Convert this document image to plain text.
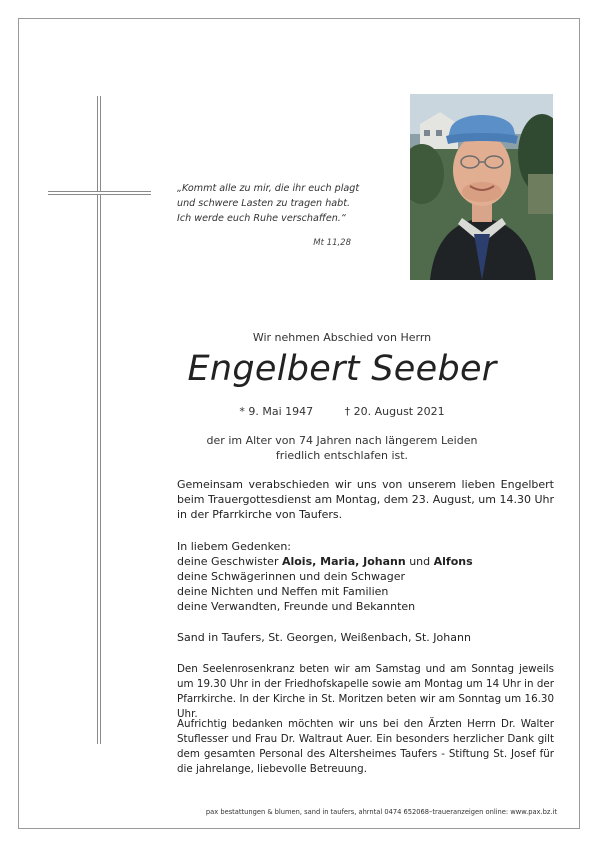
„Kommt alle zu mir, die ihr euch plagt
und schwere Lasten zu tragen habt.
Ich werde euch Ruhe verschaffen.“
Mt 11,28
Wir nehmen Abschied von Herrn
Engelbert Seeber
* 9. Mai 1947	† 20. August 2021
der im Alter von 74 Jahren nach längerem Leiden
friedlich entschlafen ist.
Gemeinsam verabschieden wir uns von unserem lieben Engelbert beim Trauergottesdienst am Montag, dem 23. August, um 14.30 Uhr in der Pfarrkirche von Taufers.
In liebem Gedenken:
deine Geschwister Alois, Maria, Johann und Alfons
deine Schwägerinnen und dein Schwager
deine Nichten und Neffen mit Familien
deine Verwandten, Freunde und Bekannten
Sand in Taufers, St. Georgen, Weißenbach, St. Johann
Den Seelenrosenkranz beten wir am Samstag und am Sonntag jeweils um 19.30 Uhr in der Friedhofskapelle sowie am Montag um 14 Uhr in der Pfarrkirche. In der Kirche in St. Moritzen beten wir am Sonntag um 16.30 Uhr.
Aufrichtig bedanken möchten wir uns bei den Ärzten Herrn Dr. Walter Stuflesser und Frau Dr. Waltraut Auer. Ein besonders herzlicher Dank gilt dem gesamten Personal des Altersheimes Taufers - Stiftung St. Josef für die jahrelange, liebevolle Betreuung.
pax bestattungen & blumen, sand in taufers, ahrntal 0474 652068–traueranzeigen online: www.pax.bz.it
